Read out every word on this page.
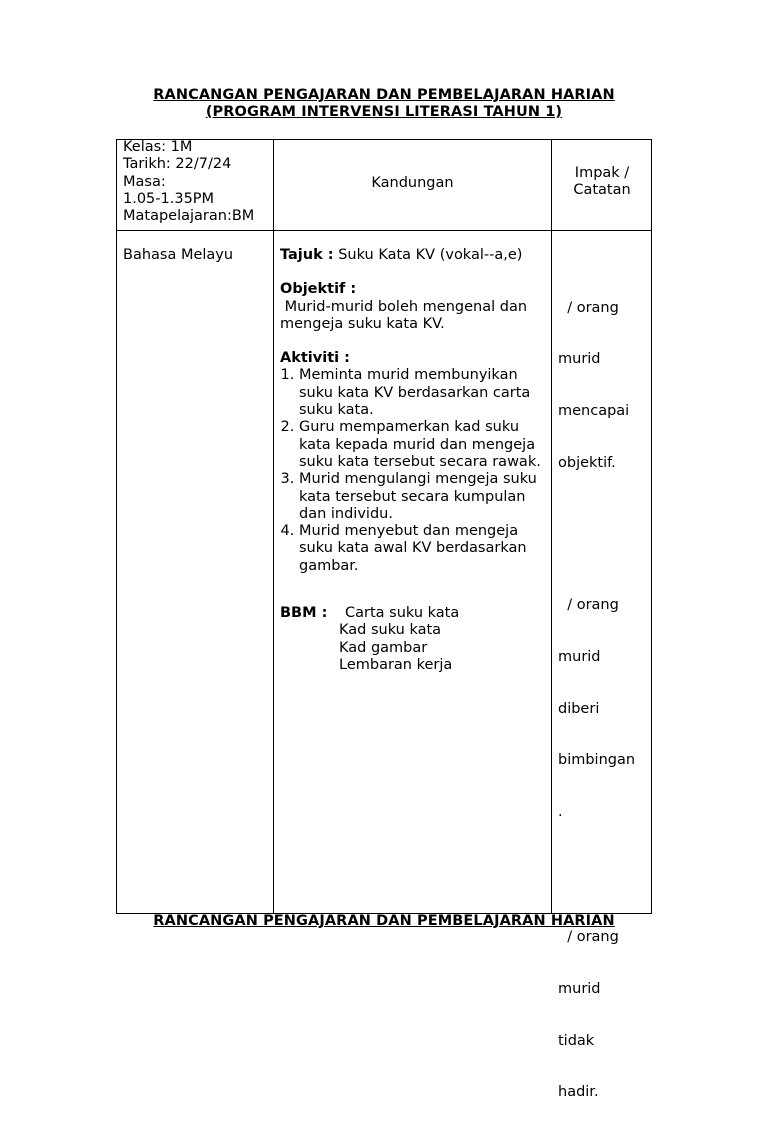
RANCANGAN PENGAJARAN DAN PEMBELAJARAN HARIAN
(PROGRAM INTERVENSI LITERASI TAHUN 1)
Kelas: 1M
Tarikh: 22/7/24
Masa:
1.05-1.35PM
Matapelajaran:BM
Kandungan
Impak /
Catatan
Bahasa Melayu	Tajuk : Suku Kata KV (vokal--a,e)
Objektif :
Murid-murid boleh mengenal dan mengeja suku kata KV.
Aktiviti :
1. Meminta murid membunyikan suku kata KV berdasarkan carta suku kata.
2. Guru mempamerkan kad suku kata kepada murid dan mengeja suku kata tersebut secara rawak.
3. Murid mengulangi mengeja suku kata tersebut secara kumpulan dan individu.
4. Murid menyebut dan mengeja suku kata awal KV berdasarkan gambar.
BBM :	Carta suku kata
Kad suku kata
Kad gambar
Lembaran kerja

/ orang

murid

mencapai

objektif.

/ orang

murid

diberi

bimbingan

.

/ orang

murid

tidak

hadir.

RANCANGAN PENGAJARAN DAN PEMBELAJARAN HARIAN
